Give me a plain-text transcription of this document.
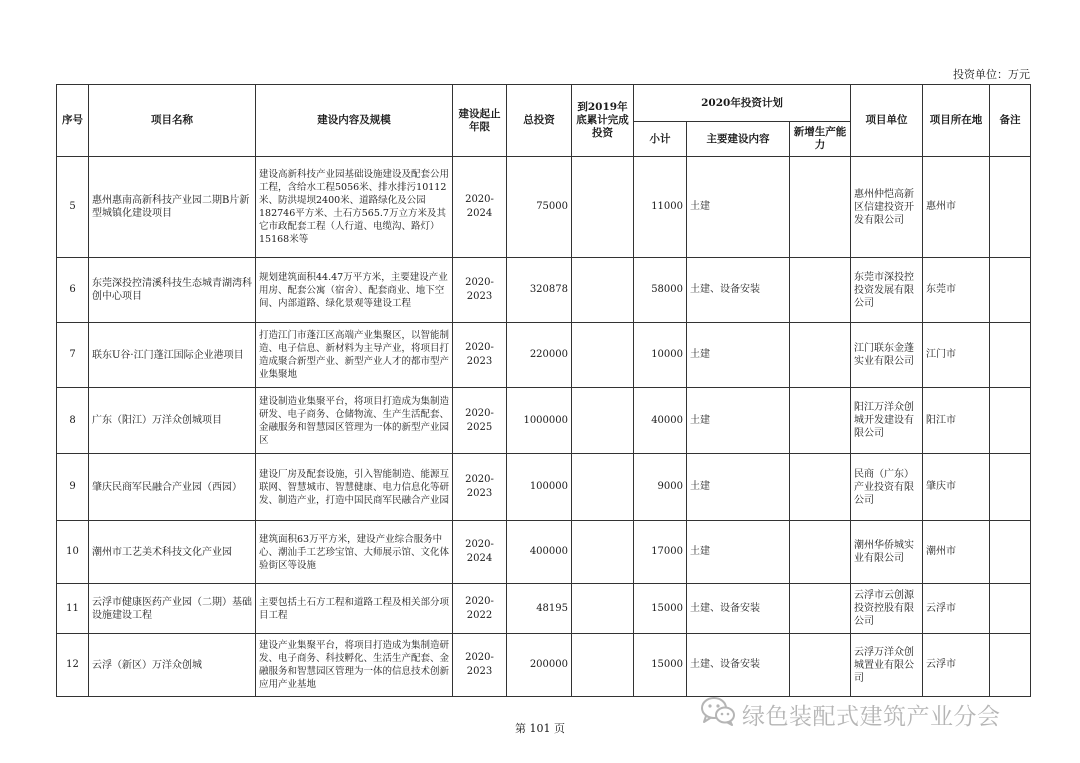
投资单位：万元
序号	项目名称	建设内容及规模	建设起止年限	总投资	到2019年底累计完成投资	2020年投资计划			项目单位	项目所在地	备注
						小计	主要建设内容	新增生产能力			
5	惠州惠南高新科技产业园二期B片新型城镇化建设项目	建设高新科技产业园基础设施建设及配套公用工程，含给水工程5056米、排水排污10112米、防洪堤坝2400米、道路绿化及公园182746平方米、土石方565.7万立方米及其它市政配套工程（人行道、电缆沟、路灯）15168米等	2020-2024	75000		11000	土建		惠州仲恺高新区信建投资开发有限公司	惠州市	
6	东莞深投控清溪科技生态城青湖湾科创中心项目	规划建筑面积44.47万平方米，主要建设产业用房、配套公寓（宿舍）、配套商业、地下空间、内部道路、绿化景观等建设工程	2020-2023	320878		58000	土建、设备安装		东莞市深投控投资发展有限公司	东莞市	
7	联东U谷·江门蓬江国际企业港项目	打造江门市蓬江区高端产业集聚区，以智能制造、电子信息、新材料为主导产业，将项目打造成聚合新型产业、新型产业人才的都市型产业集聚地	2020-2023	220000		10000	土建		江门联东金蓬实业有限公司	江门市	
8	广东（阳江）万洋众创城项目	建设制造业集聚平台，将项目打造成为集制造研发、电子商务、仓储物流、生产生活配套、金融服务和智慧园区管理为一体的新型产业园区	2020-2025	1000000		40000	土建		阳江万洋众创城开发建设有限公司	阳江市	
9	肇庆民商军民融合产业园（西园）	建设厂房及配套设施，引入智能制造、能源互联网、智慧城市、智慧健康、电力信息化等研发、制造产业，打造中国民商军民融合产业园	2020-2023	100000		9000	土建		民商（广东）产业投资有限公司	肇庆市	
10	潮州市工艺美术科技文化产业园	建筑面积63万平方米，建设产业综合服务中心、潮汕手工艺珍宝馆、大师展示馆、文化体验街区等设施	2020-2024	400000		17000	土建		潮州华侨城实业有限公司	潮州市	
11	云浮市健康医药产业园（二期）基础设施建设工程	主要包括土石方工程和道路工程及相关部分项目工程	2020-2022	48195		15000	土建、设备安装		云浮市云创源投资控股有限公司	云浮市	
12	云浮（新区）万洋众创城	建设产业集聚平台，将项目打造成为集制造研发、电子商务、科技孵化、生活生产配套、金融服务和智慧园区管理为一体的信息技术创新应用产业基地	2020-2023	200000		15000	土建、设备安装		云浮万洋众创城置业有限公司	云浮市	
第 101 页	绿色装配式建筑产业分会
